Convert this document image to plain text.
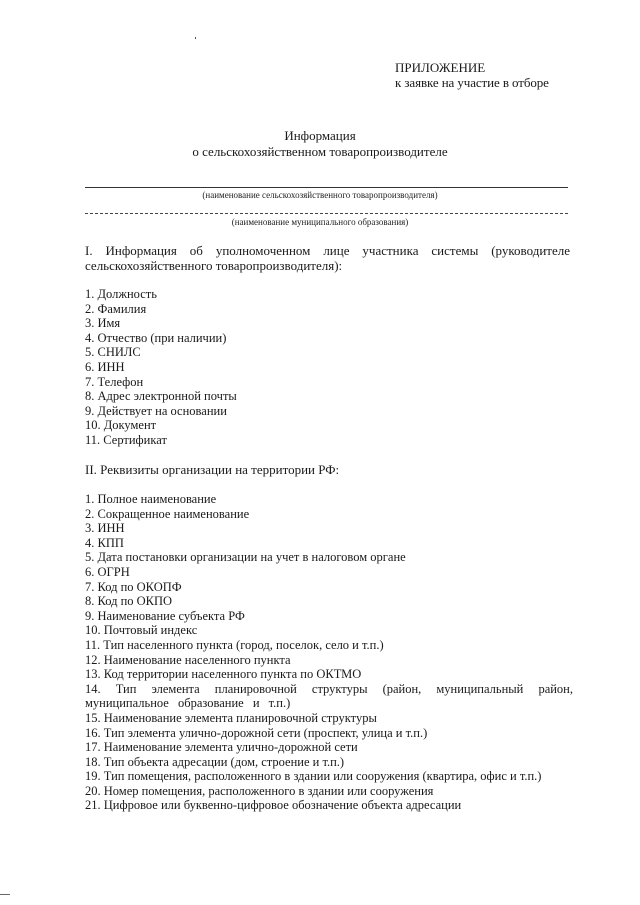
ПРИЛОЖЕНИЕ
к заявке на участие в отборе
Информация
о сельскохозяйственном товаропроизводителе
(наименование сельскохозяйственного товаропроизводителя)
(наименование муниципального образования)
I. Информация об уполномоченном лице участника системы (руководителе сельскохозяйственного товаропроизводителя):
1. Должность
2. Фамилия
3. Имя
4. Отчество (при наличии)
5. СНИЛС
6. ИНН
7. Телефон
8. Адрес электронной почты
9. Действует на основании
10. Документ
11. Сертификат
II. Реквизиты организации на территории РФ:
1. Полное наименование
2. Сокращенное наименование
3. ИНН
4. КПП
5. Дата постановки организации на учет в налоговом органе
6. ОГРН
7. Код по ОКОПФ
8. Код по ОКПО
9. Наименование субъекта РФ
10. Почтовый индекс
11. Тип населенного пункта (город, поселок, село и т.п.)
12. Наименование населенного пункта
13. Код территории населенного пункта по ОКТМО
14. Тип элемента планировочной структуры (район, муниципальный район, муниципальное образование и т.п.)
15. Наименование элемента планировочной структуры
16. Тип элемента улично-дорожной сети (проспект, улица и т.п.)
17. Наименование элемента улично-дорожной сети
18. Тип объекта адресации (дом, строение и т.п.)
19. Тип помещения, расположенного в здании или сооружения (квартира, офис и т.п.)
20. Номер помещения, расположенного в здании или сооружения
21. Цифровое или буквенно-цифровое обозначение объекта адресации
